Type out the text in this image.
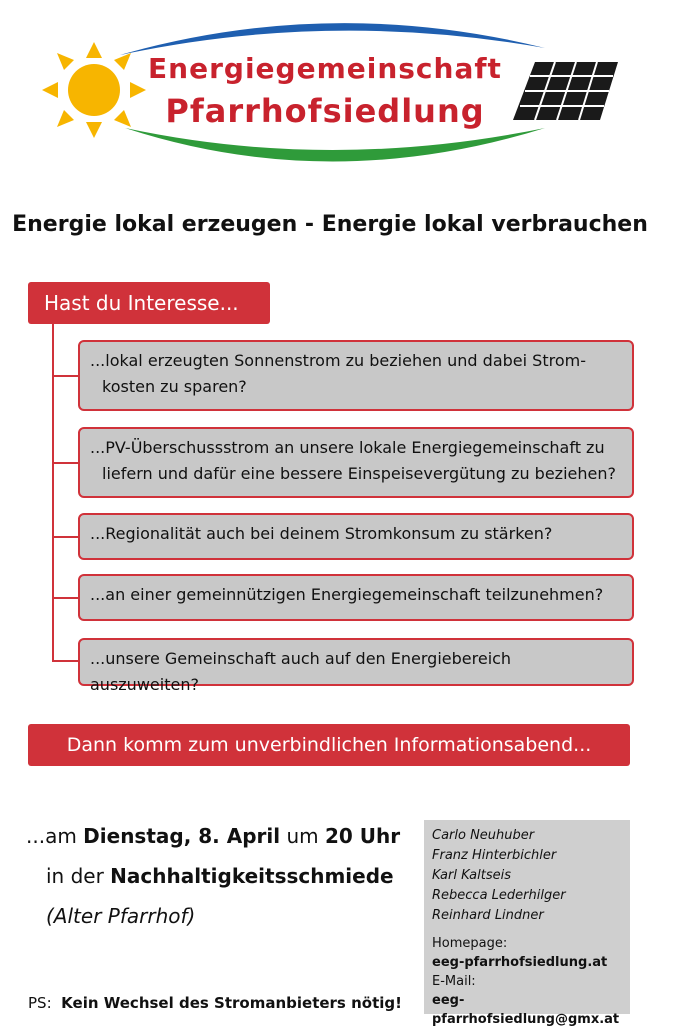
Energiegemeinschaft
Pfarrhofsiedlung
Energie lokal erzeugen - Energie lokal verbrauchen
Hast du Interesse...
...lokal erzeugten Sonnenstrom zu beziehen und dabei Strom-
kosten zu sparen?
...PV-Überschussstrom an unsere lokale Energiegemeinschaft zu
liefern und dafür eine bessere Einspeisevergütung zu beziehen?
...Regionalität auch bei deinem Stromkonsum zu stärken?
...an einer gemeinnützigen Energiegemeinschaft teilzunehmen?
...unsere Gemeinschaft auch auf den Energiebereich auszuweiten?
Dann komm zum unverbindlichen Informationsabend...
...am Dienstag, 8. April um 20 Uhr
in der Nachhaltigkeitsschmiede
(Alter Pfarrhof)
Carlo Neuhuber
Franz Hinterbichler
Karl Kaltseis
Rebecca Lederhilger
Reinhard Lindner
Homepage:
eeg-pfarrhofsiedlung.at
E-Mail:
eeg-pfarrhofsiedlung@gmx.at
PS: Kein Wechsel des Stromanbieters nötig!
